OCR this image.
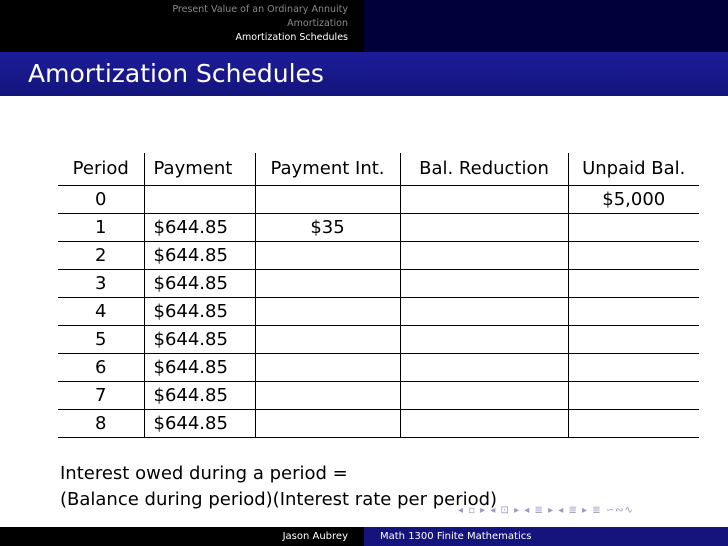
Present Value of an Ordinary Annuity
Amortization
Amortization Schedules
Amortization Schedules
Period	Payment	Payment Int.	Bal. Reduction	Unpaid Bal.
0				$5,000
1	$644.85	$35		
2	$644.85			
3	$644.85			
4	$644.85			
5	$644.85			
6	$644.85			
7	$644.85			
8	$644.85			
Interest owed during a period =
(Balance during period)(Interest rate per period)
◂ ▫ ▸ ◂ ⊡ ▸ ◂ ≣ ▸ ◂ ≣ ▸ ≣ ∽∾∿
Jason Aubrey	Math 1300 Finite Mathematics
